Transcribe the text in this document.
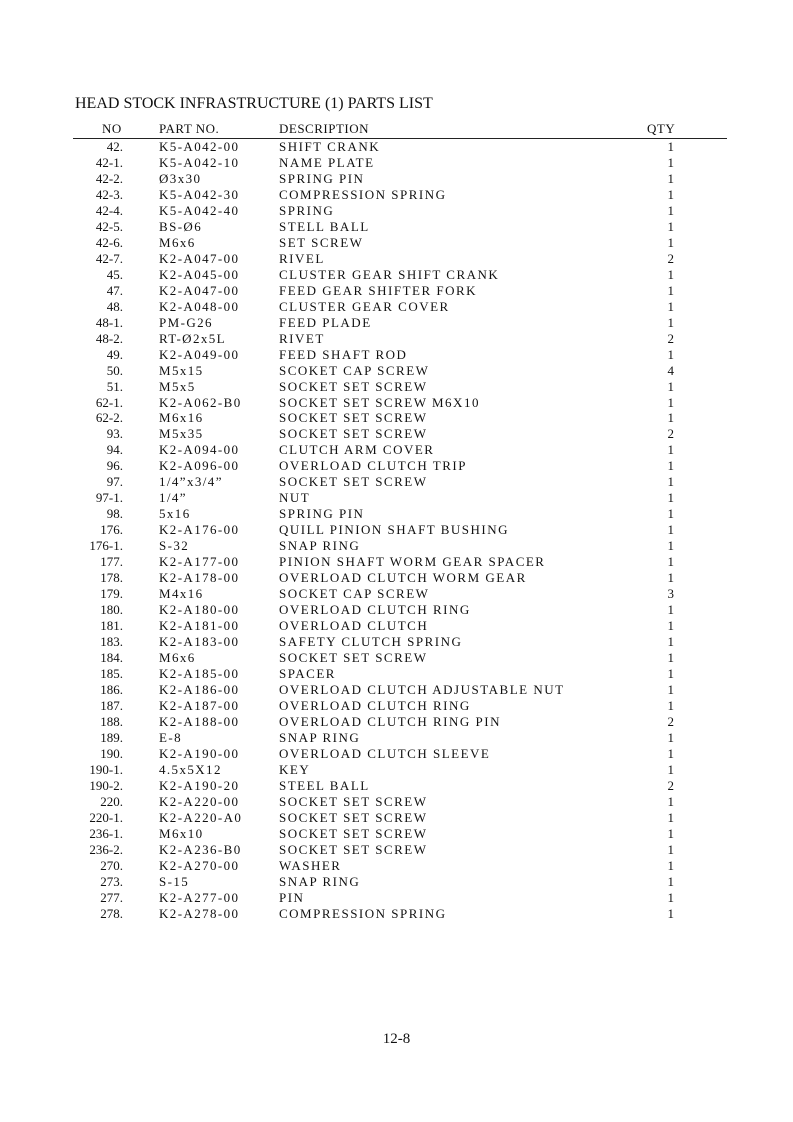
HEAD STOCK INFRASTRUCTURE (1) PARTS LIST
NO	PART NO.	DESCRIPTION	QTY
42.	K5-A042-00	SHIFT CRANK	1
42-1.	K5-A042-10	NAME PLATE	1
42-2.	Ø3x30	SPRING PIN	1
42-3.	K5-A042-30	COMPRESSION SPRING	1
42-4.	K5-A042-40	SPRING	1
42-5.	BS-Ø6	STELL BALL	1
42-6.	M6x6	SET SCREW	1
42-7.	K2-A047-00	RIVEL	2
45.	K2-A045-00	CLUSTER GEAR SHIFT CRANK	1
47.	K2-A047-00	FEED GEAR SHIFTER FORK	1
48.	K2-A048-00	CLUSTER GEAR COVER	1
48-1.	PM-G26	FEED PLADE	1
48-2.	RT-Ø2x5L	RIVET	2
49.	K2-A049-00	FEED SHAFT ROD	1
50.	M5x15	SCOKET CAP SCREW	4
51.	M5x5	SOCKET SET SCREW	1
62-1.	K2-A062-B0	SOCKET SET SCREW M6X10	1
62-2.	M6x16	SOCKET SET SCREW	1
93.	M5x35	SOCKET SET SCREW	2
94.	K2-A094-00	CLUTCH ARM COVER	1
96.	K2-A096-00	OVERLOAD CLUTCH TRIP	1
97.	1/4”x3/4”	SOCKET SET SCREW	1
97-1.	1/4”	NUT	1
98.	5x16	SPRING PIN	1
176.	K2-A176-00	QUILL PINION SHAFT BUSHING	1
176-1.	S-32	SNAP RING	1
177.	K2-A177-00	PINION SHAFT WORM GEAR SPACER	1
178.	K2-A178-00	OVERLOAD CLUTCH WORM GEAR	1
179.	M4x16	SOCKET CAP SCREW	3
180.	K2-A180-00	OVERLOAD CLUTCH RING	1
181.	K2-A181-00	OVERLOAD CLUTCH	1
183.	K2-A183-00	SAFETY CLUTCH SPRING	1
184.	M6x6	SOCKET SET SCREW	1
185.	K2-A185-00	SPACER	1
186.	K2-A186-00	OVERLOAD CLUTCH ADJUSTABLE NUT	1
187.	K2-A187-00	OVERLOAD CLUTCH RING	1
188.	K2-A188-00	OVERLOAD CLUTCH RING PIN	2
189.	E-8	SNAP RING	1
190.	K2-A190-00	OVERLOAD CLUTCH SLEEVE	1
190-1.	4.5x5X12	KEY	1
190-2.	K2-A190-20	STEEL BALL	2
220.	K2-A220-00	SOCKET SET SCREW	1
220-1.	K2-A220-A0	SOCKET SET SCREW	1
236-1.	M6x10	SOCKET SET SCREW	1
236-2.	K2-A236-B0	SOCKET SET SCREW	1
270.	K2-A270-00	WASHER	1
273.	S-15	SNAP RING	1
277.	K2-A277-00	PIN	1
278.	K2-A278-00	COMPRESSION SPRING	1
12-8
